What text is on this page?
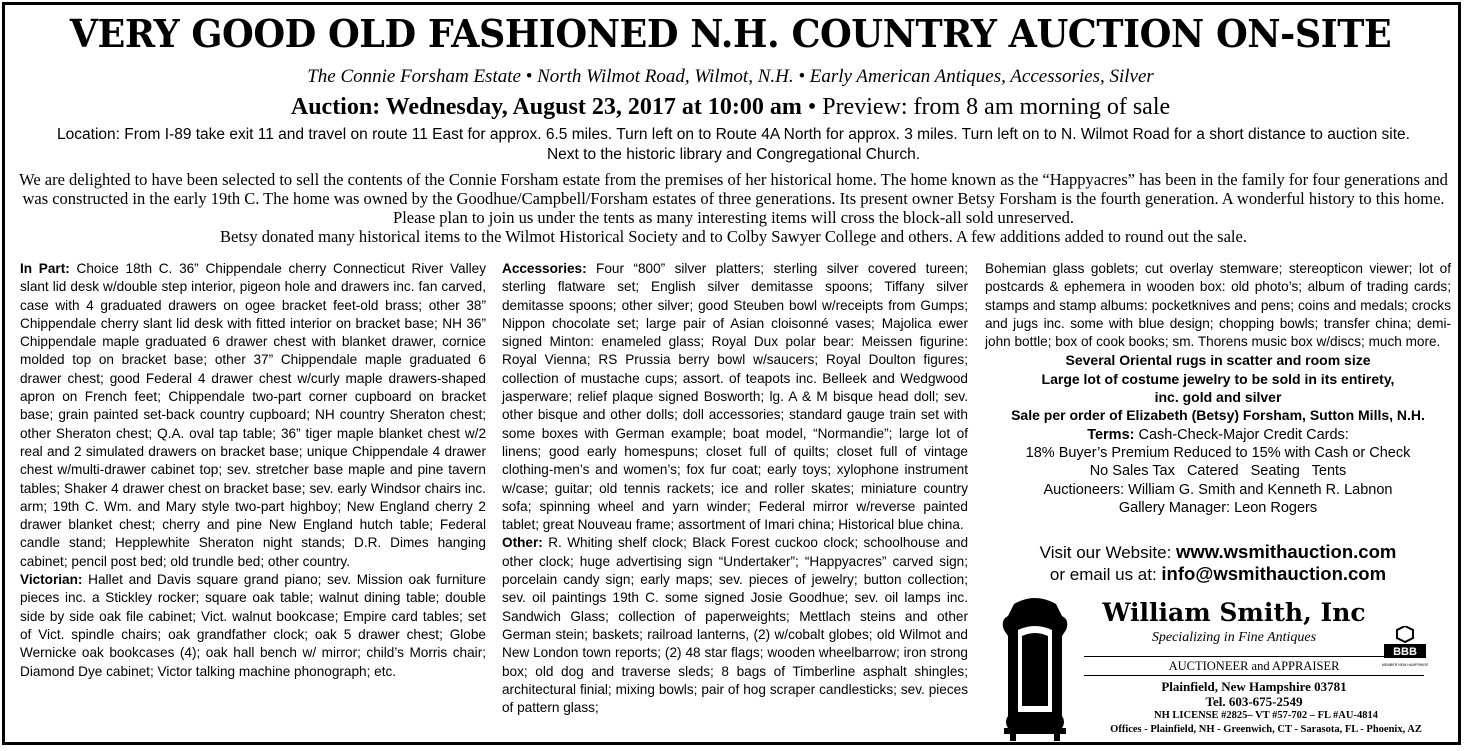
VERY GOOD OLD FASHIONED N.H. COUNTRY AUCTION ON-SITE
The Connie Forsham Estate • North Wilmot Road, Wilmot, N.H. • Early American Antiques, Accessories, Silver
Auction: Wednesday, August 23, 2017 at 10:00 am • Preview: from 8 am morning of sale
Location: From I-89 take exit 11 and travel on route 11 East for approx. 6.5 miles. Turn left on to Route 4A North for approx. 3 miles. Turn left on to N. Wilmot Road for a short distance to auction site. Next to the historic library and Congregational Church.
We are delighted to have been selected to sell the contents of the Connie Forsham estate from the premises of her historical home. The home known as the “Happyacres” has been in the family for four generations and was constructed in the early 19th C. The home was owned by the Goodhue/Campbell/Forsham estates of three generations. Its present owner Betsy Forsham is the fourth generation. A wonderful history to this home. Please plan to join us under the tents as many interesting items will cross the block-all sold unreserved.
Betsy donated many historical items to the Wilmot Historical Society and to Colby Sawyer College and others. A few additions added to round out the sale.

In Part: Choice 18th C. 36” Chippendale cherry Connecticut River Valley slant lid desk w/double step interior, pigeon hole and drawers inc. fan carved, case with 4 graduated drawers on ogee bracket feet-old brass; other 38” Chippendale cherry slant lid desk with fitted interior on bracket base; NH 36” Chippendale maple graduated 6 drawer chest with blanket drawer, cornice molded top on bracket base; other 37” Chippendale maple graduated 6 drawer chest; good Federal 4 drawer chest w/curly maple drawers-shaped apron on French feet; Chippendale two-part corner cupboard on bracket base; grain painted set-back country cupboard; NH country Sheraton chest; other Sheraton chest; Q.A. oval tap table; 36” tiger maple blanket chest w/2 real and 2 simulated drawers on bracket base; unique Chippendale 4 drawer chest w/multi-drawer cabinet top; sev. stretcher base maple and pine tavern tables; Shaker 4 drawer chest on bracket base; sev. early Windsor chairs inc. arm; 19th C. Wm. and Mary style two-part highboy; New England cherry 2 drawer blanket chest; cherry and pine New England hutch table; Federal candle stand; Hepplewhite Sheraton night stands; D.R. Dimes hanging cabinet; pencil post bed; old trundle bed; other country.

Victorian: Hallet and Davis square grand piano; sev. Mission oak furniture pieces inc. a Stickley rocker; square oak table; walnut dining table; double side by side oak file cabinet; Vict. walnut bookcase; Empire card tables; set of Vict. spindle chairs; oak grandfather clock; oak 5 drawer chest; Globe Wernicke oak bookcases (4); oak hall bench w/ mirror; child’s Morris chair; Diamond Dye cabinet; Victor talking machine phonograph; etc.

Accessories: Four “800” silver platters; sterling silver covered tureen; sterling flatware set; English silver demitasse spoons; Tiffany silver demitasse spoons; other silver; good Steuben bowl w/receipts from Gumps; Nippon chocolate set; large pair of Asian cloisonné vases; Majolica ewer signed Minton: enameled glass; Royal Dux polar bear: Meissen figurine: Royal Vienna; RS Prussia berry bowl w/saucers; Royal Doulton figures; collection of mustache cups; assort. of teapots inc. Belleek and Wedgwood jasperware; relief plaque signed Bosworth; lg. A & M bisque head doll; sev. other bisque and other dolls; doll accessories; standard gauge train set with some boxes with German example; boat model, “Normandie”; large lot of linens; good early homespuns; closet full of quilts; closet full of vintage clothing-men’s and women’s; fox fur coat; early toys; xylophone instrument w/case; guitar; old tennis rackets; ice and roller skates; miniature country sofa; spinning wheel and yarn winder; Federal mirror w/reverse painted tablet; great Nouveau frame; assortment of Imari china; Historical blue china.

Other: R. Whiting shelf clock; Black Forest cuckoo clock; schoolhouse and other clock; huge advertising sign “Undertaker”; “Happyacres” carved sign; porcelain candy sign; early maps; sev. pieces of jewelry; button collection; sev. oil paintings 19th C. some signed Josie Goodhue; sev. oil lamps inc. Sandwich Glass; collection of paperweights; Mettlach steins and other German stein; baskets; railroad lanterns, (2) w/cobalt globes; old Wilmot and New London town reports; (2) 48 star flags; wooden wheelbarrow; iron strong box; old dog and traverse sleds; 8 bags of Timberline asphalt shingles; architectural finial; mixing bowls; pair of hog scraper candlesticks; sev. pieces of pattern glass;

Bohemian glass goblets; cut overlay stemware; stereopticon viewer; lot of postcards & ephemera in wooden box: old photo’s; album of trading cards; stamps and stamp albums: pocketknives and pens; coins and medals; crocks and jugs inc. some with blue design; chopping bowls; transfer china; demi-john bottle; box of cook books; sm. Thorens music box w/discs; much more.

Several Oriental rugs in scatter and room size
Large lot of costume jewelry to be sold in its entirety,
inc. gold and silver
Sale per order of Elizabeth (Betsy) Forsham, Sutton Mills, N.H.
Terms: Cash-Check-Major Credit Cards:
18% Buyer’s Premium Reduced to 15% with Cash or Check
No Sales Tax   Catered   Seating   Tents
Auctioneers: William G. Smith and Kenneth R. Labnon
Gallery Manager: Leon Rogers
Visit our Website: www.wsmithauction.com
or email us at: info@wsmithauction.com
William Smith, Inc
Specializing in Fine Antiques
BBB
MEMBER NEW HAMPSHIRE
AUCTIONEER and APPRAISER
Plainfield, New Hampshire 03781
Tel. 603-675-2549
NH LICENSE #2825– VT #57-702 – FL #AU-4814
Offices - Plainfield, NH - Greenwich, CT - Sarasota, FL - Phoenix, AZ
